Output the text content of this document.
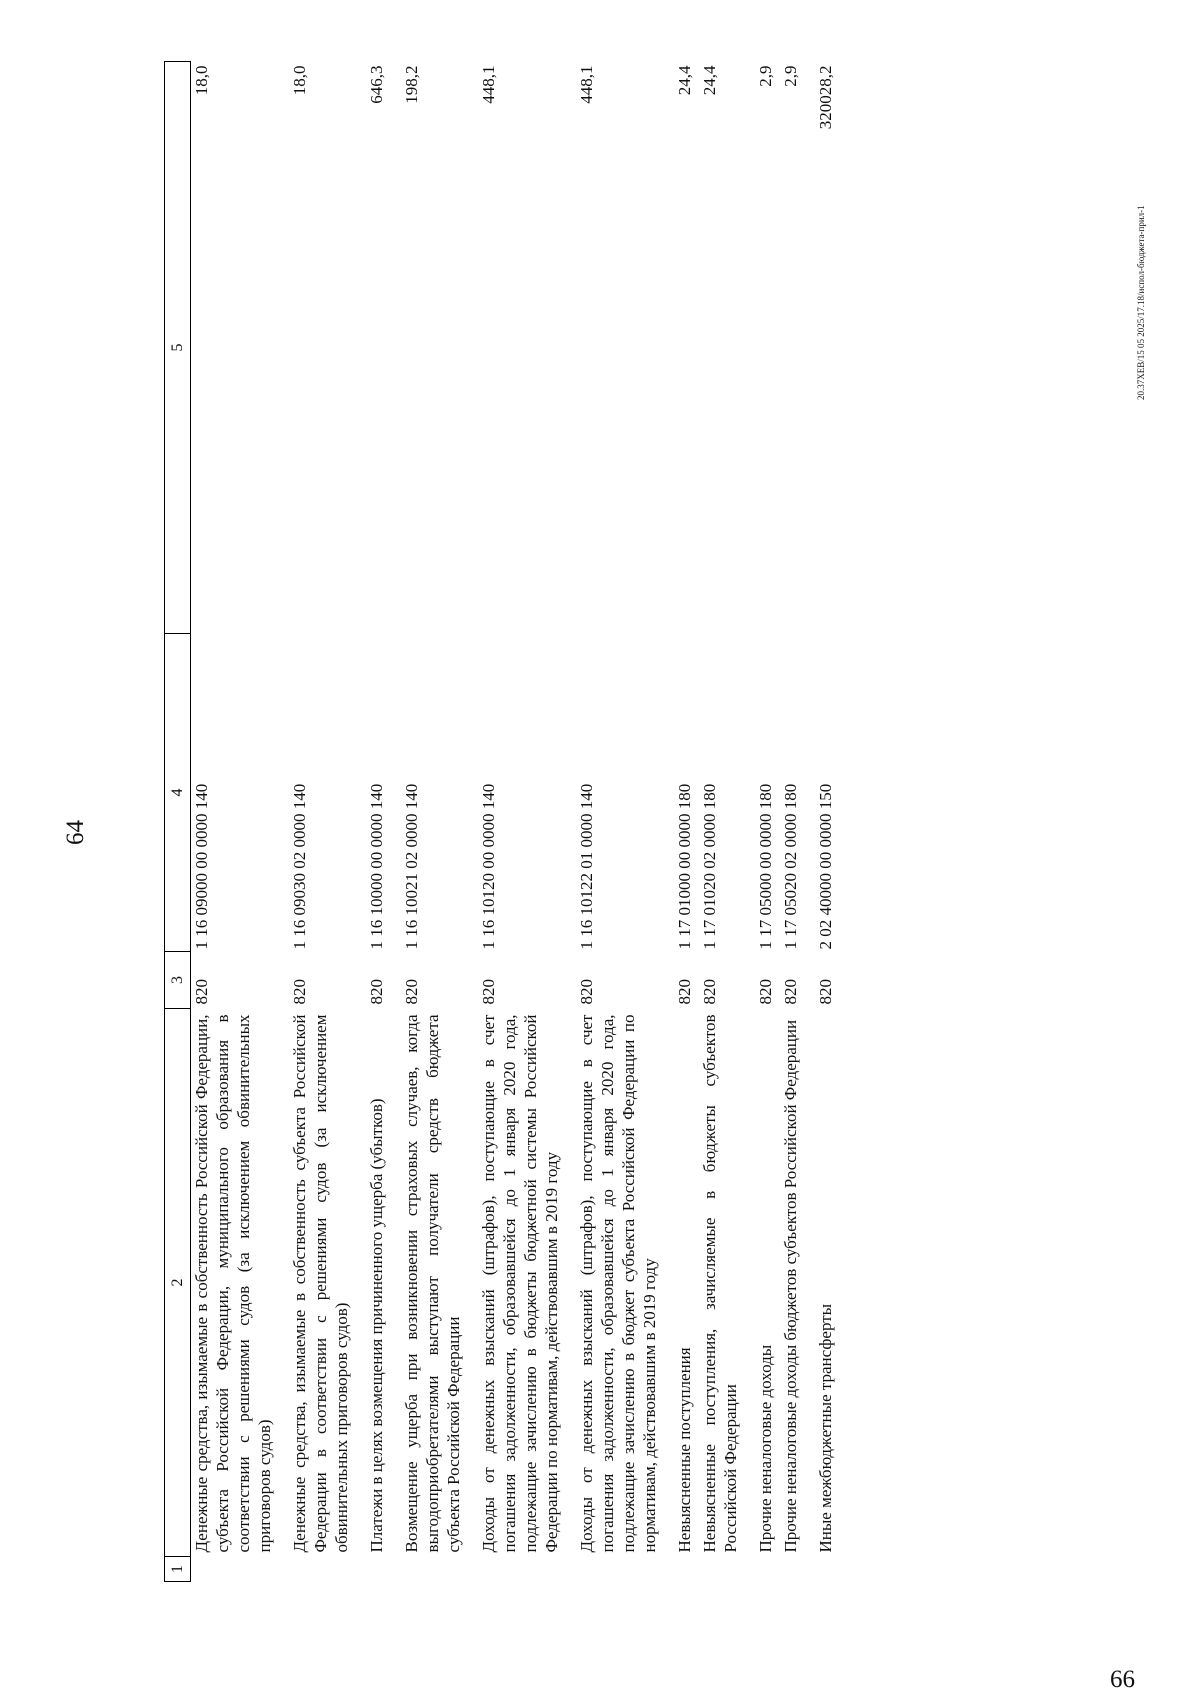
64
1	2	3	4	5
	Денежные средства, изымаемые в собственность Российской Федерации, субъекта Российской Федерации, муниципального образования в соответствии с решениями судов (за исключением обвинительных приговоров судов)	820	1 16 09000 00 0000 140	18,0
	Денежные средства, изымаемые в собственность субъекта Российской Федерации в соответствии с решениями судов (за исключением обвинительных приговоров судов)	820	1 16 09030 02 0000 140	18,0
	Платежи в целях возмещения причиненного ущерба (убытков)	820	1 16 10000 00 0000 140	646,3
	Возмещение ущерба при возникновении страховых случаев, когда выгодоприобретателями выступают получатели средств бюджета субъекта Российской Федерации	820	1 16 10021 02 0000 140	198,2
	Доходы от денежных взысканий (штрафов), поступающие в счет погашения задолженности, образовавшейся до 1 января 2020 года, подлежащие зачислению в бюджеты бюджетной системы Российской Федерации по нормативам, действовавшим в 2019 году	820	1 16 10120 00 0000 140	448,1
	Доходы от денежных взысканий (штрафов), поступающие в счет погашения задолженности, образовавшейся до 1 января 2020 года, подлежащие зачислению в бюджет субъекта Российской Федерации по нормативам, действовавшим в 2019 году	820	1 16 10122 01 0000 140	448,1
	Невыясненные поступления	820	1 17 01000 00 0000 180	24,4
	Невыясненные поступления, зачисляемые в бюджеты субъектов Российской Федерации	820	1 17 01020 02 0000 180	24,4
	Прочие неналоговые доходы	820	1 17 05000 00 0000 180	2,9
	Прочие неналоговые доходы бюджетов субъектов Российской Федерации	820	1 17 05020 02 0000 180	2,9
	Иные межбюджетные трансферты	820	2 02 40000 00 0000 150	320028,2
20.37XEB/15 05 2025/17.18/испол-бюджета-прил-1
66
